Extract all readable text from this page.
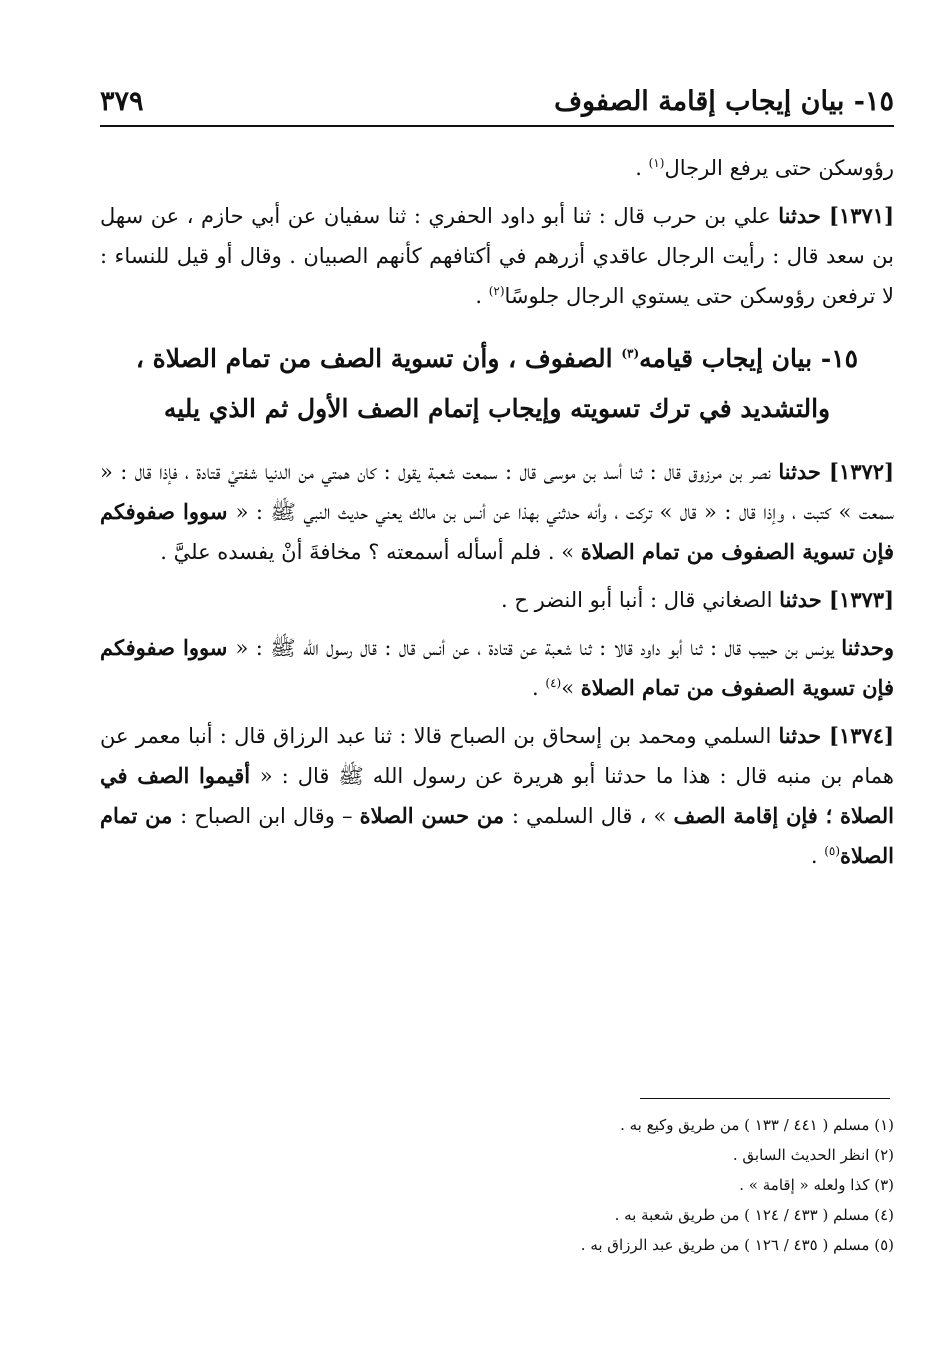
١٥- بيان إيجاب إقامة الصفوف
٣٧٩

رؤوسكن حتى يرفع الرجال$^{(١)}$ .

[١٣٧١] حدثنا علي بن حرب قال : ثنا أبو داود الحفري : ثنا سفيان عن أبي حازم ، عن سهل بن سعد قال : رأيت الرجال عاقدي أزرهم في أكتافهم كأنهم الصبيان . وقال أو قيل للنساء : لا ترفعن رؤوسكن حتى يستوي الرجال جلوسًا$^{(٢)}$ .

١٥- بيان إيجاب قيامه$^{(٣)}$ الصفوف ، وأن تسوية الصف من تمام الصلاة ، والتشديد في ترك تسويته وإيجاب إتمام الصف الأول ثم الذي يليه

[١٣٧٢] حدثنا نصر بن مرزوق قال : ثنا أسد بن موسى قال : سمعت شعبة يقول : كان همتي من الدنيا شفتيْ قتادة ، فإذا قال : « سمعت » كتبت ، وإذا قال : « قال » تركت ، وأنه حدثني بهذا عن أنس بن مالك يعني حديث النبي ﷺ : « سووا صفوفكم فإن تسوية الصفوف من تمام الصلاة » . فلم أسأله أسمعته ؟ مخافةَ أنْ يفسده عليَّ .

[١٣٧٣] حدثنا الصغاني قال : أنبا أبو النضر ح .

وحدثنا يونس بن حبيب قال : ثنا أبو داود قالا : ثنا شعبة عن قتادة ، عن أنس قال : قال رسول الله ﷺ : « سووا صفوفكم فإن تسوية الصفوف من تمام الصلاة »$^{(٤)}$ .

[١٣٧٤] حدثنا السلمي ومحمد بن إسحاق بن الصباح قالا : ثنا عبد الرزاق قال : أنبا معمر عن همام بن منبه قال : هذا ما حدثنا أبو هريرة عن رسول الله ﷺ قال : « أقيموا الصف في الصلاة ؛ فإن إقامة الصف » ، قال السلمي : من حسن الصلاة – وقال ابن الصباح : من تمام الصلاة$^{(٥)}$ .

(١) مسلم ( ٤٤١ / ١٣٣ ) من طريق وكيع به .
(٢) انظر الحديث السابق .
(٣) كذا ولعله « إقامة » .
(٤) مسلم ( ٤٣٣ / ١٢٤ ) من طريق شعبة به .
(٥) مسلم ( ٤٣٥ / ١٢٦ ) من طريق عبد الرزاق به .
